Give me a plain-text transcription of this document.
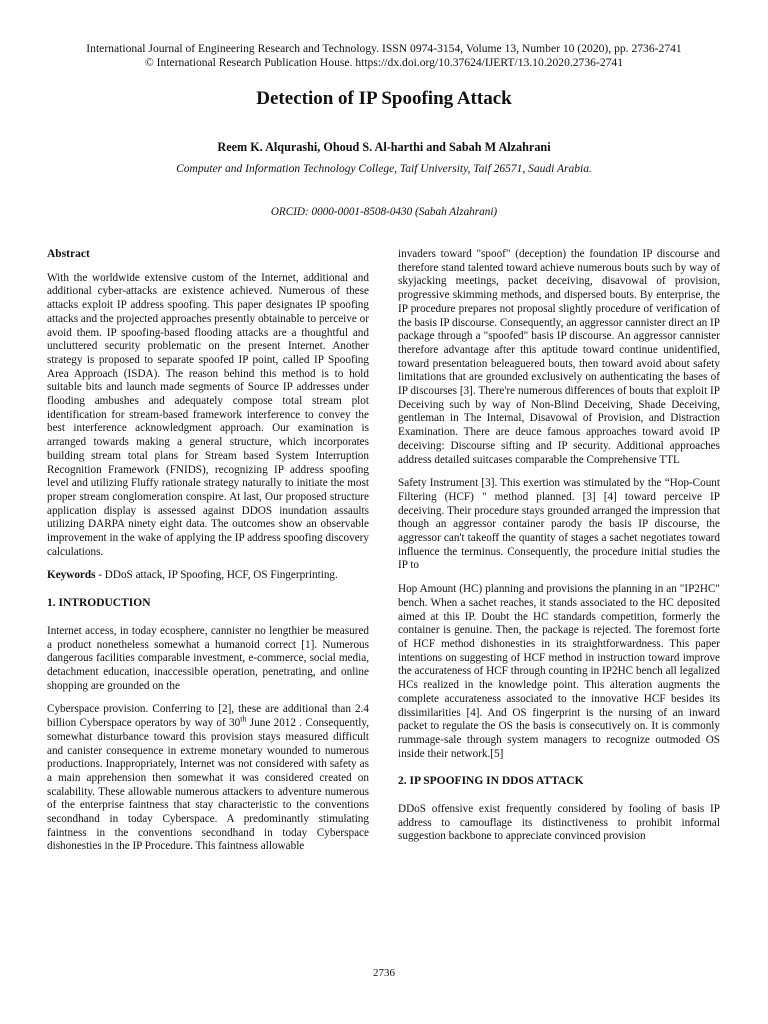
International Journal of Engineering Research and Technology. ISSN 0974-3154, Volume 13, Number 10 (2020), pp. 2736-2741
© International Research Publication House. https://dx.doi.org/10.37624/IJERT/13.10.2020.2736-2741
Detection of IP Spoofing Attack
Reem K. Alqurashi, Ohoud S. Al-harthi and Sabah M Alzahrani
Computer and Information Technology College, Taif University, Taif 26571, Saudi Arabia.
ORCID: 0000-0001-8508-0430 (Sabah Alzahrani)
Abstract

With the worldwide extensive custom of the Internet, additional and additional cyber-attacks are existence achieved. Numerous of these attacks exploit IP address spoofing. This paper designates IP spoofing attacks and the projected approaches presently obtainable to perceive or avoid them. IP spoofing-based flooding attacks are a thoughtful and uncluttered security problematic on the present Internet. Another strategy is proposed to separate spoofed IP point, called IP Spoofing Area Approach (ISDA). The reason behind this method is to hold suitable bits and launch made segments of Source IP addresses under flooding ambushes and adequately compose total stream plot identification for stream-based framework interference to convey the best interference acknowledgment approach. Our examination is arranged towards making a general structure, which incorporates building stream total plans for Stream based System Interruption Recognition Framework (FNIDS), recognizing IP address spoofing level and utilizing Fluffy rationale strategy naturally to initiate the most proper stream conglomeration conspire. At last, Our proposed structure application display is assessed against DDOS inundation assaults utilizing DARPA ninety eight data. The outcomes show an observable improvement in the wake of applying the IP address spoofing discovery calculations.

Keywords - DDoS attack, IP Spoofing, HCF, OS Fingerprinting.

1. INTRODUCTION

Internet access, in today ecosphere, cannister no lengthier be measured a product nonetheless somewhat a humanoid correct [1]. Numerous dangerous facilities comparable investment, e-commerce, social media, detachment education, inaccessible operation, penetrating, and online shopping are grounded on the

Cyberspace provision. Conferring to [2], these are additional than 2.4 billion Cyberspace operators by way of 30th June 2012 . Consequently, somewhat disturbance toward this provision stays measured difficult and canister consequence in extreme monetary wounded to numerous productions. Inappropriately, Internet was not considered with safety as a main apprehension then somewhat it was considered created on scalability. These allowable numerous attackers to adventure numerous of the enterprise faintness that stay characteristic to the conventions secondhand in today Cyberspace. A predominantly stimulating faintness in the conventions secondhand in today Cyberspace dishonesties in the IP Procedure. This faintness allowable

invaders toward "spoof" (deception) the foundation IP discourse and therefore stand talented toward achieve numerous bouts such by way of skyjacking meetings, packet deceiving, disavowal of provision, progressive skimming methods, and dispersed bouts. By enterprise, the IP procedure prepares not proposal slightly procedure of verification of the basis IP discourse. Consequently, an aggressor cannister direct an IP package through a "spoofed" basis IP discourse. An aggressor cannister therefore advantage after this aptitude toward continue unidentified, toward presentation beleaguered bouts, then toward avoid about safety limitations that are grounded exclusively on authenticating the bases of IP discourses [3]. There're numerous differences of bouts that exploit IP Deceiving such by way of Non-Blind Deceiving, Shade Deceiving, gentleman in The Internal, Disavowal of Provision, and Distraction Examination. There are deuce famous approaches toward avoid IP deceiving: Discourse sifting and IP security. Additional approaches address detailed suitcases comparable the Comprehensive TTL

Safety Instrument [3]. This exertion was stimulated by the “Hop-Count Filtering (HCF) " method planned. [3] [4] toward perceive IP deceiving. Their procedure stays grounded arranged the impression that though an aggressor container parody the basis IP discourse, the aggressor can't takeoff the quantity of stages a sachet negotiates toward influence the terminus. Consequently, the procedure initial studies the IP to

Hop Amount (HC) planning and provisions the planning in an "IP2HC" bench. When a sachet reaches, it stands associated to the HC deposited aimed at this IP. Doubt the HC standards competition, formerly the container is genuine. Then, the package is rejected. The foremost forte of HCF method dishonesties in its straightforwardness. This paper intentions on suggesting of HCF method in instruction toward improve the accurateness of HCF through counting in IP2HC bench all legalized HCs realized in the knowledge point. This alteration augments the complete accurateness associated to the innovative HCF besides its dissimilarities [4]. And OS fingerprint is the nursing of an inward packet to regulate the OS the basis is consecutively on. It is commonly rummage-sale through system managers to recognize outmoded OS inside their network.[5]

2. IP SPOOFING IN DDOS ATTACK

DDoS offensive exist frequently considered by fooling of basis IP address to camouflage its distinctiveness to prohibit informal suggestion backbone to appreciate convinced provision

2736
